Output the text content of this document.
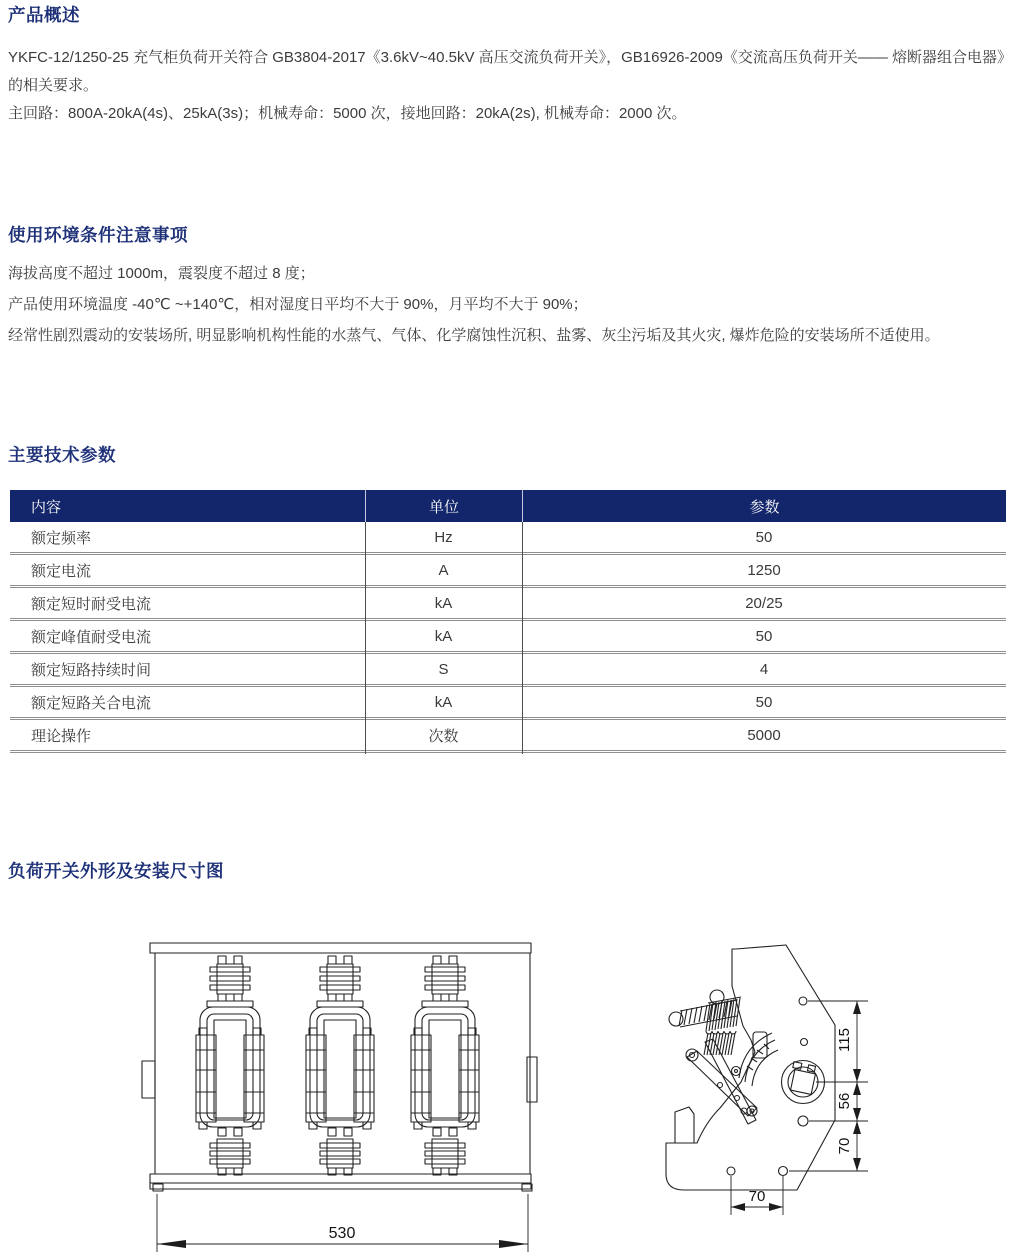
产品概述

YKFC-12/1250-25 充气柜负荷开关符合 GB3804-2017《3.6kV~40.5kV 高压交流负荷开关》，GB16926-2009《交流高压负荷开关—— 熔断器组合电器》的相关要求。

主回路：800A-20kA(4s)、25kA(3s)；机械寿命：5000 次，接地回路：20kA(2s), 机械寿命：2000 次。

使用环境条件注意事项

海拔高度不超过 1000m，震裂度不超过 8 度；

产品使用环境温度 -40℃ ~+140℃，相对湿度日平均不大于 90%，月平均不大于 90%；

经常性剧烈震动的安装场所, 明显影响机构性能的水蒸气、气体、化学腐蚀性沉积、盐雾、灰尘污垢及其火灾, 爆炸危险的安装场所不适使用。

主要技术参数
内容	单位	参数
额定频率	Hz	50
额定电流	A	1250
额定短时耐受电流	kA	20/25
额定峰值耐受电流	kA	50
额定短路持续时间	S	4
额定短路关合电流	kA	50
理论操作	次数	5000
负荷开关外形及安装尺寸图
530
115
56
70
70
